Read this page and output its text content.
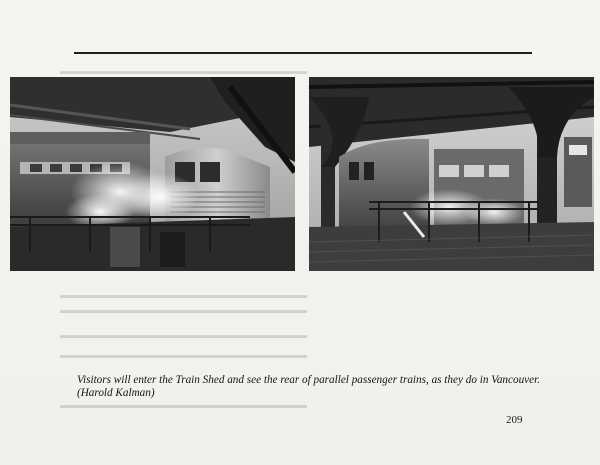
▬▬▬▬▬▬▬▬▬▬▬▬▬▬▬▬▬▬▬▬▬▬▬▬▬▬
▬▬▬▬▬▬▬▬▬▬▬▬▬▬▬▬▬▬▬▬▬▬▬▬▬▬
▬▬▬▬▬▬▬▬▬▬▬▬▬▬▬▬▬▬▬▬▬▬▬▬▬▬
▬▬▬▬▬▬▬▬▬▬▬▬▬▬▬▬▬▬▬▬▬▬▬▬▬▬
▬▬▬▬▬▬▬▬▬▬▬▬▬▬▬▬▬▬▬▬▬▬▬▬▬▬
▬▬▬▬▬▬▬▬▬▬▬▬▬▬▬▬▬▬▬▬▬▬▬▬▬▬
Visitors will enter the Train Shed and see the rear of parallel passenger trains, as they do in Vancouver.
(Harold Kalman)
209
